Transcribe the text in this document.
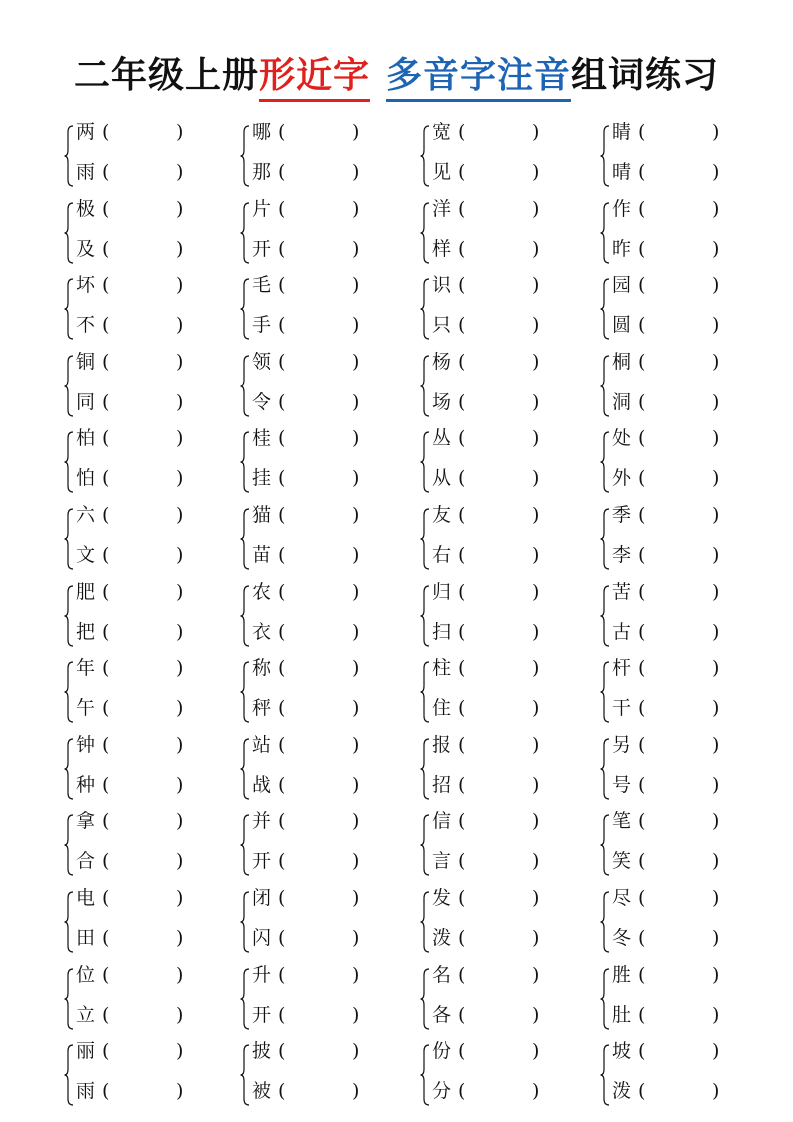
二年级上册形近字 多音字注音组词练习
两 (	)
雨 (	)
极 (	)
及 (	)
坏 (	)
不 (	)
铜 (	)
同 (	)
柏 (	)
怕 (	)
六 (	)
文 (	)
肥 (	)
把 (	)
年 (	)
午 (	)
钟 (	)
种 (	)
拿 (	)
合 (	)
电 (	)
田 (	)
位 (	)
立 (	)
丽 (	)
雨 (	)
哪 (	)
那 (	)
片 (	)
开 (	)
毛 (	)
手 (	)
领 (	)
令 (	)
桂 (	)
挂 (	)
猫 (	)
苗 (	)
农 (	)
衣 (	)
称 (	)
秤 (	)
站 (	)
战 (	)
并 (	)
开 (	)
闭 (	)
闪 (	)
升 (	)
开 (	)
披 (	)
被 (	)
宽 (	)
见 (	)
洋 (	)
样 (	)
识 (	)
只 (	)
杨 (	)
场 (	)
丛 (	)
从 (	)
友 (	)
右 (	)
归 (	)
扫 (	)
柱 (	)
住 (	)
报 (	)
招 (	)
信 (	)
言 (	)
发 (	)
泼 (	)
名 (	)
各 (	)
份 (	)
分 (	)
睛 (	)
晴 (	)
作 (	)
昨 (	)
园 (	)
圆 (	)
桐 (	)
洞 (	)
处 (	)
外 (	)
季 (	)
李 (	)
苦 (	)
古 (	)
杆 (	)
干 (	)
另 (	)
号 (	)
笔 (	)
笑 (	)
尽 (	)
冬 (	)
胜 (	)
肚 (	)
坡 (	)
泼 (	)
